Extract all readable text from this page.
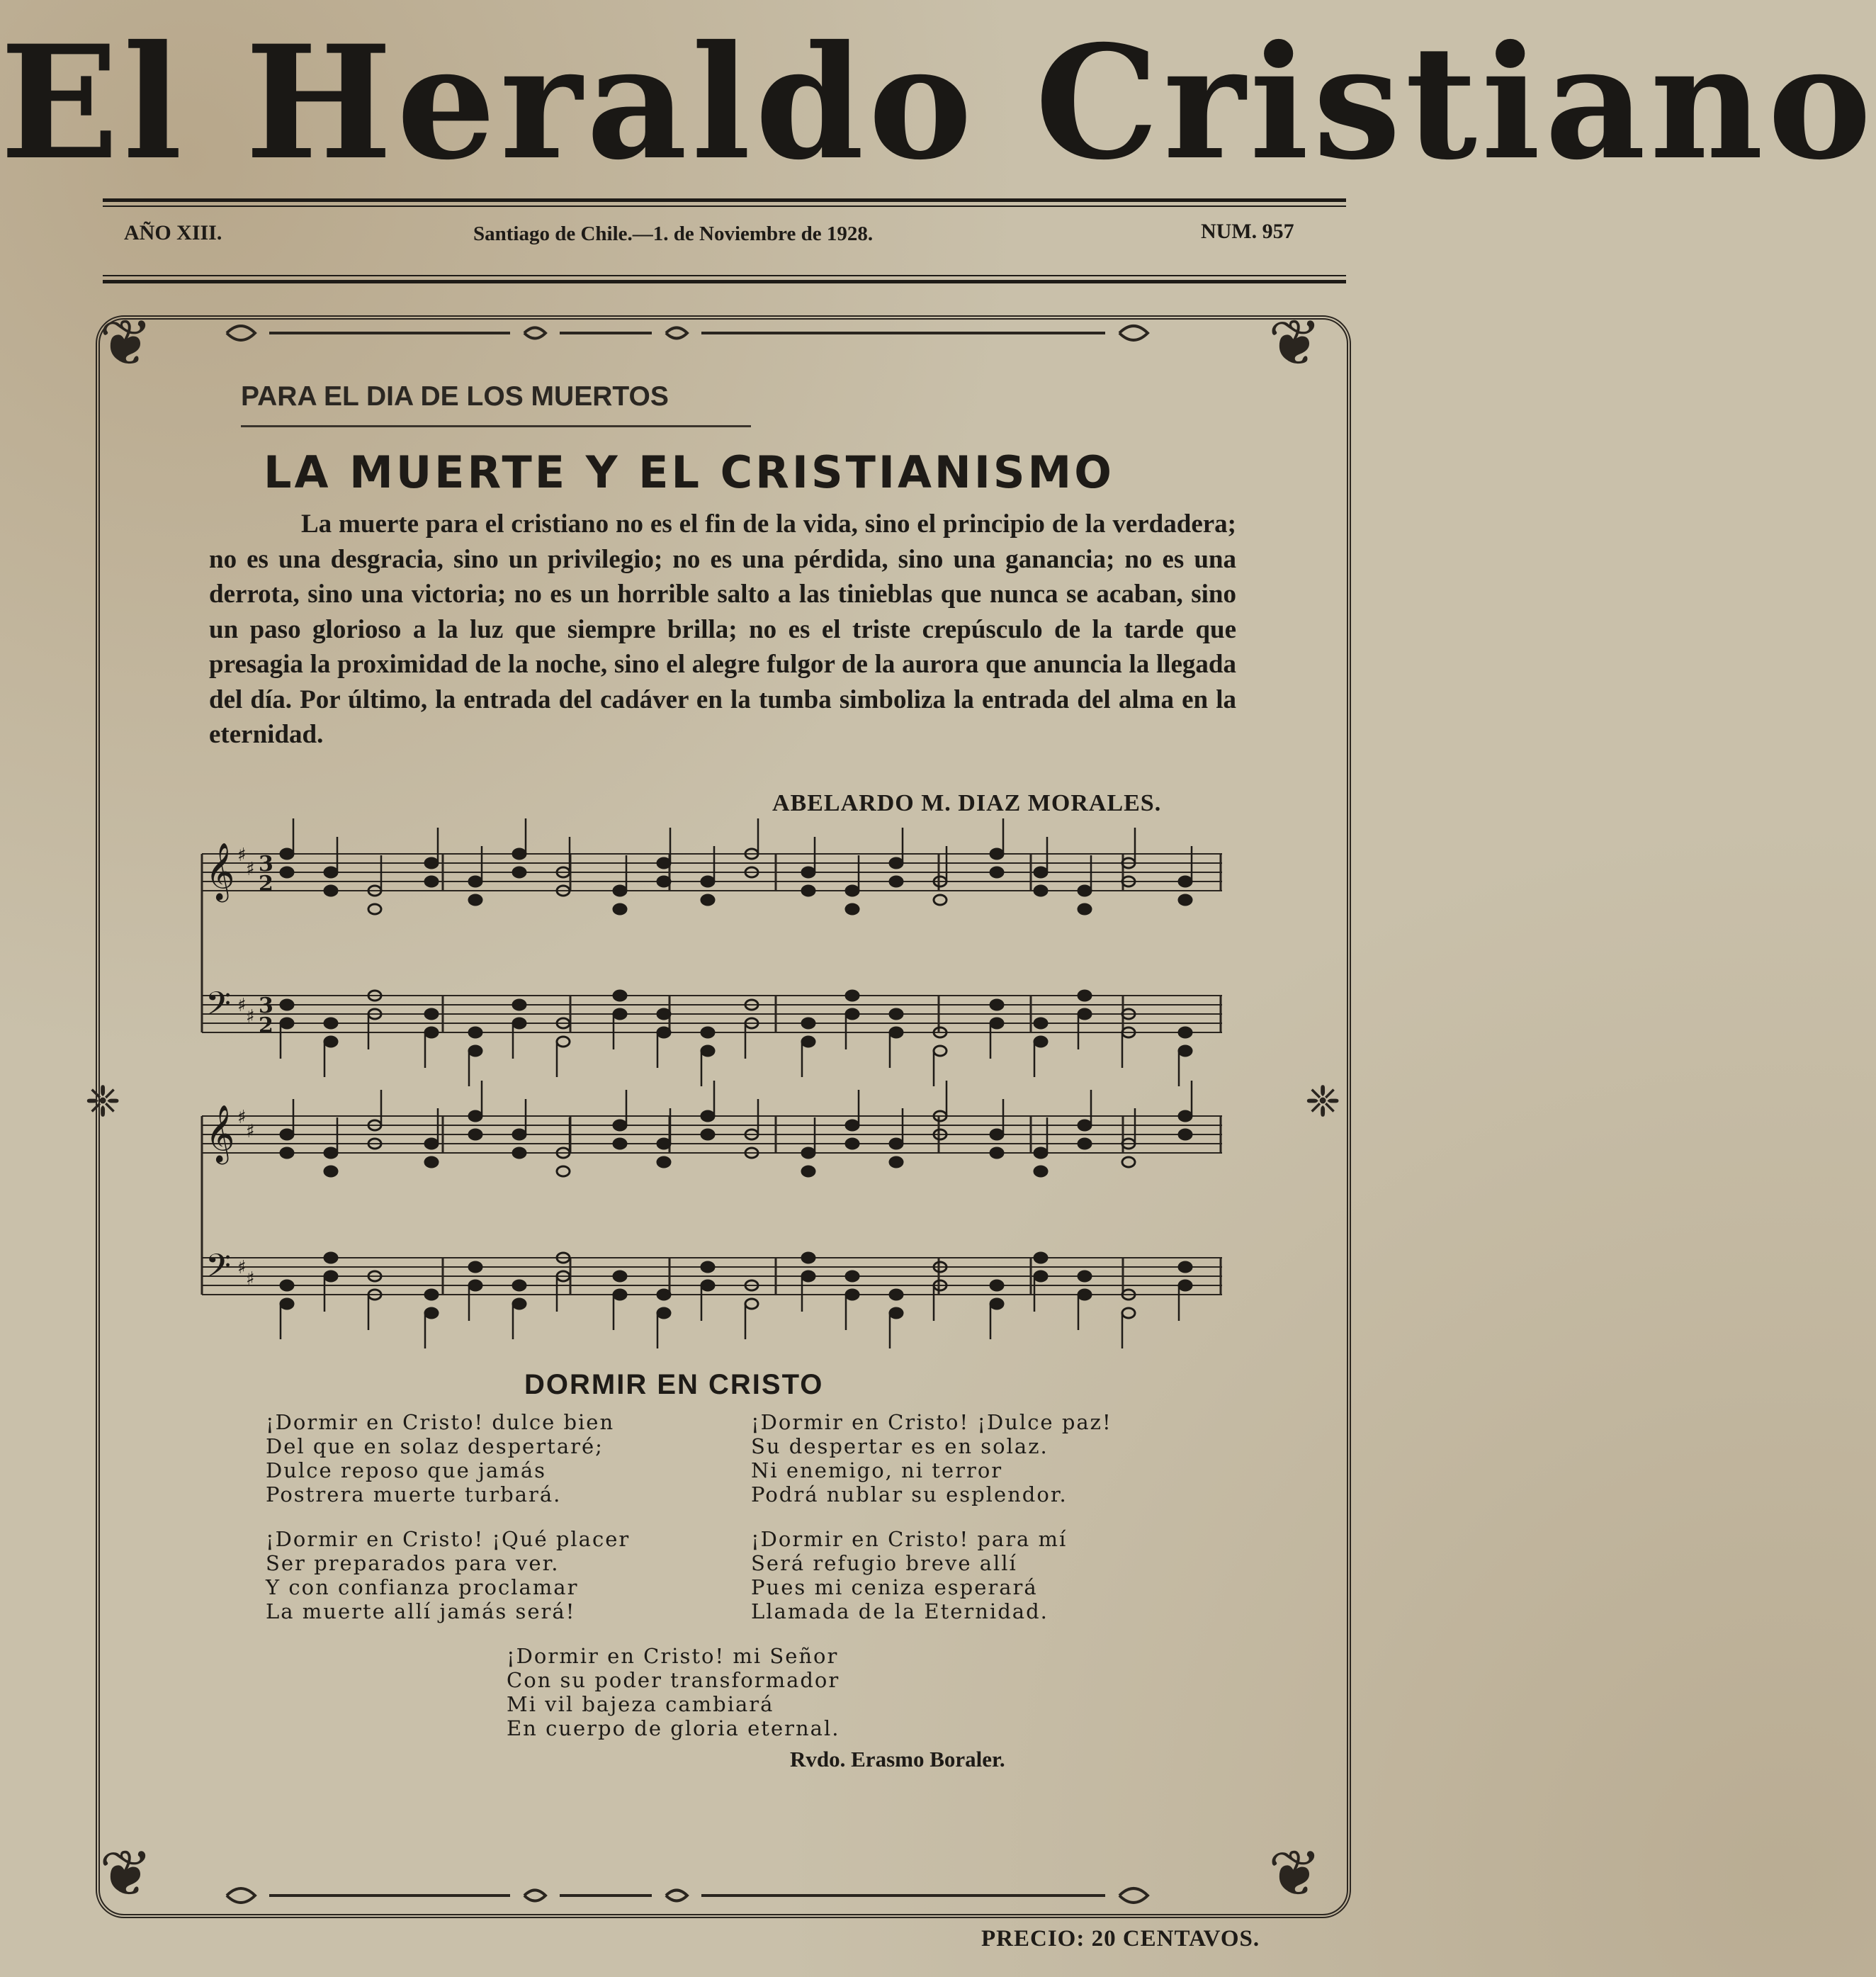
El Heraldo Cristiano
AÑO XIII.	Santiago de Chile.—1. de Noviembre de 1928.	NUM. 957
❈	❈
❦	❦
❦	❦
PARA EL DIA DE LOS MUERTOS
LA MUERTE Y EL CRISTIANISMO
La muerte para el cristiano no es el fin de la vida, sino el principio de la verdadera; no es una desgracia, sino un privilegio; no es una pérdida, sino una ganancia; no es una derrota, sino una victoria; no es un horrible salto a las tinieblas que nunca se acaban, sino un paso glorioso a la luz que siempre brilla; no es el triste crepúsculo de la tarde que presagia la proximidad de la noche, sino el alegre fulgor de la aurora que anuncia la llegada del día. Por último, la entrada del cadáver en la tumba simboliza la entrada del alma en la eternidad.
ABELARDO M. DIAZ MORALES.
𝄞 ♯
♯ 3
2
𝄢 ♯
♯ 3
2
𝄞 ♯
♯
𝄢 ♯
♯
DORMIR EN CRISTO
¡Dormir en Cristo! dulce bien
Del que en solaz despertaré;
Dulce reposo que jamás
Postrera muerte turbará.
¡Dormir en Cristo! ¡Dulce paz!
Su despertar es en solaz.
Ni enemigo, ni terror
Podrá nublar su esplendor.
¡Dormir en Cristo! ¡Qué placer
Ser preparados para ver.
Y con confianza proclamar
La muerte allí jamás será!
¡Dormir en Cristo! para mí
Será refugio breve allí
Pues mi ceniza esperará
Llamada de la Eternidad.
¡Dormir en Cristo! mi Señor
Con su poder transformador
Mi vil bajeza cambiará
En cuerpo de gloria eternal.
Rvdo. Erasmo Boraler.
PRECIO: 20 CENTAVOS.
